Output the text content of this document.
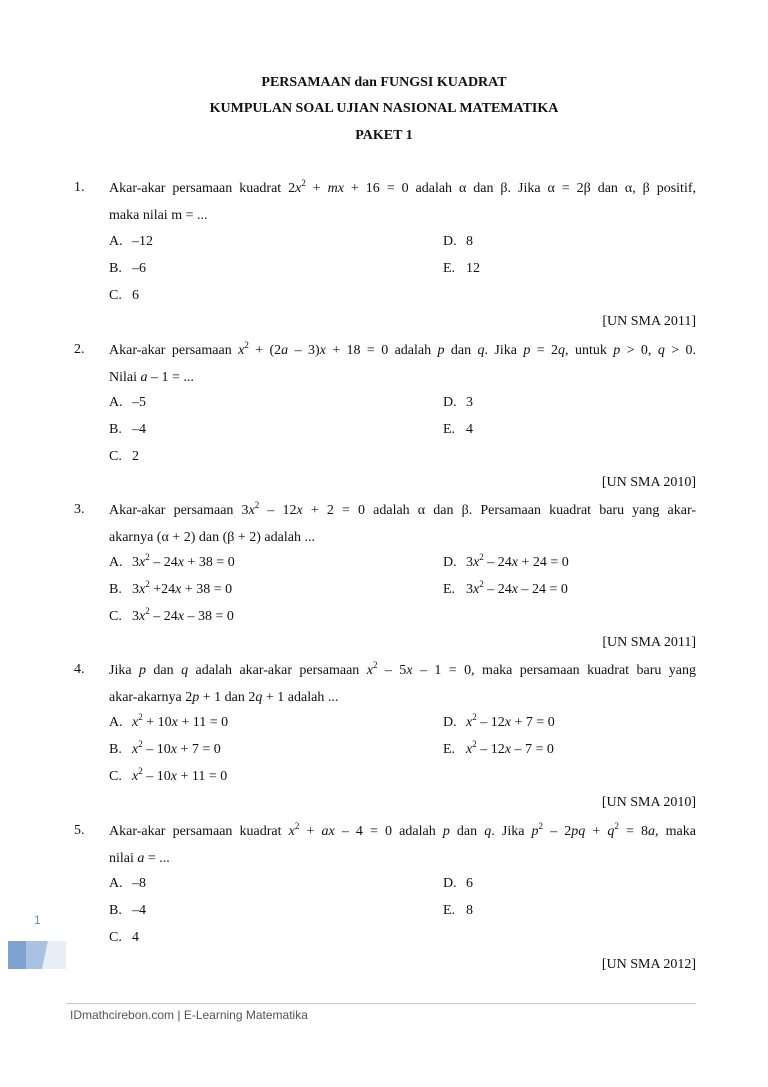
PERSAMAAN dan FUNGSI KUADRAT
KUMPULAN SOAL UJIAN NASIONAL MATEMATIKA
PAKET 1
1. Akar-akar persamaan kuadrat $2x^2$ + mx + 16 = 0 adalah α dan β. Jika α = 2β dan α, β positif,
maka nilai m = ...
A. –12	D. 8
B. –6	E. 12
C. 6
[UN SMA 2011]
2. Akar-akar persamaan $x^2 + (2a - 3)x + 18 = 0$ adalah p dan q. Jika p = 2q, untuk p > 0, q > 0.
Nilai a – 1 = ...
A. –5	D. 3
B. –4	E. 4
C. 2
[UN SMA 2010]
3. Akar-akar persamaan $3x^2 - 12x + 2 = 0$ adalah α dan β. Persamaan kuadrat baru yang akar-
akarnya (α + 2) dan (β + 2) adalah ...
A. $3x^2 - 24x + 38 = 0$	D. $3x^2 - 24x + 24 = 0$
B. $3x^2 +24x + 38 = 0$	E. $3x^2 - 24x - 24 = 0$
C. $3x^2 - 24x - 38 = 0$
[UN SMA 2011]
4. Jika p dan q adalah akar-akar persamaan $x^2 - 5x - 1 = 0$, maka persamaan kuadrat baru yang
akar-akarnya 2p + 1 dan 2q + 1 adalah ...
A. $x^2 + 10x + 11 = 0$	D. $x^2 - 12x + 7 = 0$
B. $x^2 - 10x + 7 = 0$	E. $x^2 - 12x - 7 = 0$
C. $x^2 - 10x + 11 = 0$
[UN SMA 2010]
5. Akar-akar persamaan kuadrat $x^2$ + ax – 4 = 0 adalah p dan q. Jika $p^2 - 2pq + q^2 = 8a$, maka
nilai a = ...
A. –8	D. 6
B. –4	E. 8
C. 4
[UN SMA 2012]
1
IDmathcirebon.com | E-Learning Matematika
